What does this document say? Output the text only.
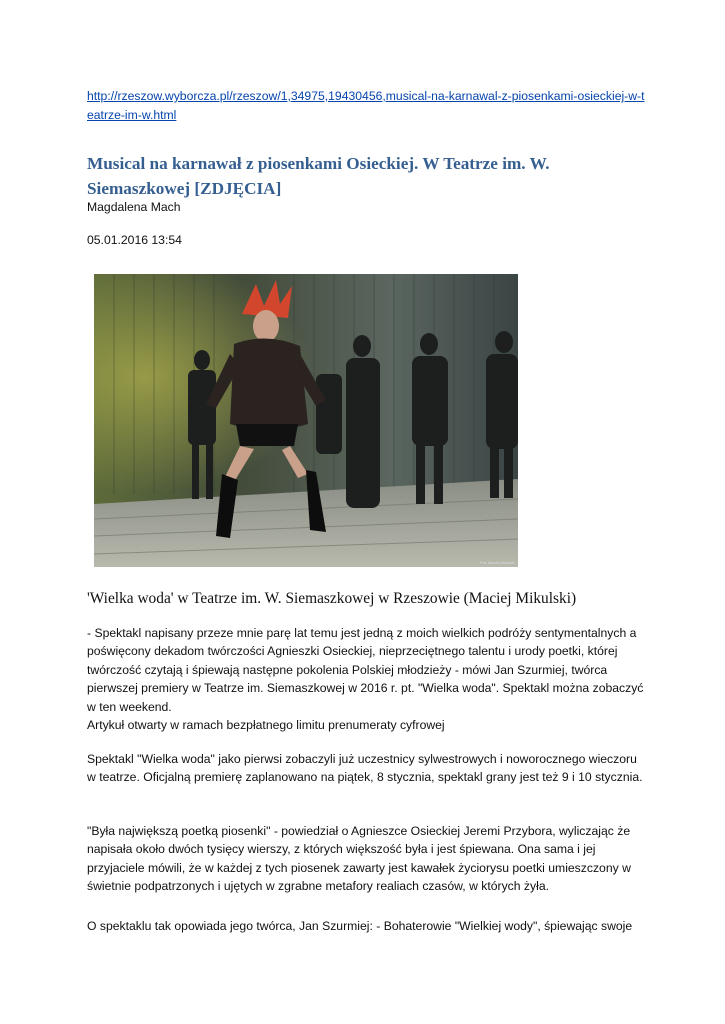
http://rzeszow.wyborcza.pl/rzeszow/1,34975,19430456,musical-na-karnawal-z-piosenkami-osieckiej-w-teatrze-im-w.html
Musical na karnawał z piosenkami Osieckiej. W Teatrze im. W. Siemaszkowej [ZDJĘCIA]
Magdalena Mach
05.01.2016 13:54
Fot. Maciej Mikulski

'Wielka woda' w Teatrze im. W. Siemaszkowej w Rzeszowie (Maciej Mikulski)

- Spektakl napisany przeze mnie parę lat temu jest jedną z moich wielkich podróży sentymentalnych a poświęcony dekadom twórczości Agnieszki Osieckiej, nieprzeciętnego talentu i urody poetki, której twórczość czytają i śpiewają następne pokolenia Polskiej młodzieży - mówi Jan Szurmiej, twórca pierwszej premiery w Teatrze im. Siemaszkowej w 2016 r. pt. "Wielka woda". Spektakl można zobaczyć w ten weekend.
Artykuł otwarty w ramach bezpłatnego limitu prenumeraty cyfrowej

Spektakl "Wielka woda" jako pierwsi zobaczyli już uczestnicy sylwestrowych i noworocznego wieczoru w teatrze. Oficjalną premierę zaplanowano na piątek, 8 stycznia, spektakl grany jest też 9 i 10 stycznia.

"Była największą poetką piosenki" - powiedział o Agnieszce Osieckiej Jeremi Przybora, wyliczając że napisała około dwóch tysięcy wierszy, z których większość była i jest śpiewana. Ona sama i jej przyjaciele mówili, że w każdej z tych piosenek zawarty jest kawałek życiorysu poetki umieszczony w świetnie podpatrzonych i ujętych w zgrabne metafory realiach czasów, w których żyła.

O spektaklu tak opowiada jego twórca, Jan Szurmiej: - Bohaterowie "Wielkiej wody", śpiewając swoje
